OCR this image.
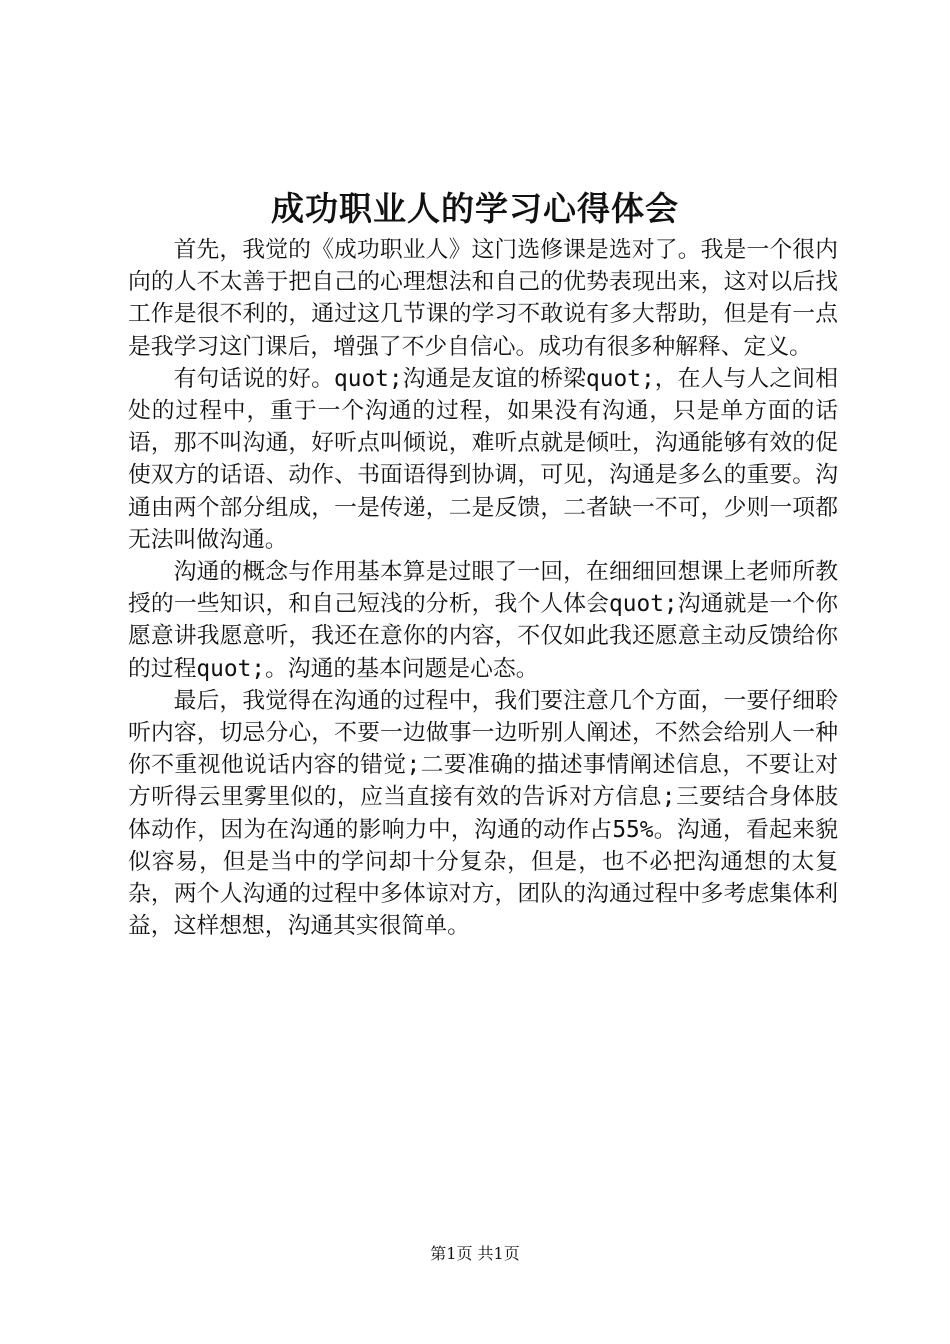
成功职业人的学习心得体会

首先，我觉的《成功职业人》这门选修课是选对了。我是一个很内向的人不太善于把自己的心理想法和自己的优势表现出来，这对以后找工作是很不利的，通过这几节课的学习不敢说有多大帮助，但是有一点是我学习这门课后，增强了不少自信心。成功有很多种解释、定义。

有句话说的好。quot;沟通是友谊的桥梁quot;，在人与人之间相处的过程中，重于一个沟通的过程，如果没有沟通，只是单方面的话语，那不叫沟通，好听点叫倾说，难听点就是倾吐，沟通能够有效的促使双方的话语、动作、书面语得到协调，可见，沟通是多么的重要。沟通由两个部分组成，一是传递，二是反馈，二者缺一不可，少则一项都无法叫做沟通。

沟通的概念与作用基本算是过眼了一回，在细细回想课上老师所教授的一些知识，和自己短浅的分析，我个人体会quot;沟通就是一个你愿意讲我愿意听，我还在意你的内容，不仅如此我还愿意主动反馈给你的过程quot;。沟通的基本问题是心态。

最后，我觉得在沟通的过程中，我们要注意几个方面，一要仔细聆听内容，切忌分心，不要一边做事一边听别人阐述，不然会给别人一种你不重视他说话内容的错觉;二要准确的描述事情阐述信息，不要让对方听得云里雾里似的，应当直接有效的告诉对方信息;三要结合身体肢体动作，因为在沟通的影响力中，沟通的动作占55%。沟通，看起来貌似容易，但是当中的学问却十分复杂，但是，也不必把沟通想的太复杂，两个人沟通的过程中多体谅对方，团队的沟通过程中多考虑集体利益，这样想想，沟通其实很简单。

第1页 共1页
